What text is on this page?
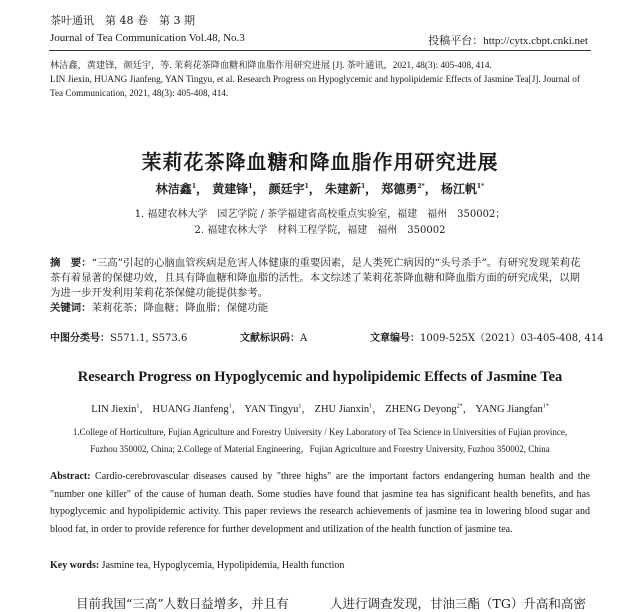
茶叶通讯　第 48 卷　第 3 期
Journal of Tea Communication Vol.48, No.3	投稿平台：http://cytx.cbpt.cnki.net
林洁鑫，黄建锋，颜廷宇，等. 茉莉花茶降血糖和降血脂作用研究进展 [J]. 茶叶通讯，2021, 48(3): 405-408, 414.
LIN Jiexin, HUANG Jianfeng, YAN Tingyu, et al. Research Progress on Hypoglycemic and hypolipidemic Effects of Jasmine Tea[J]. Journal of Tea Communication, 2021, 48(3): 405-408, 414.
茉莉花茶降血糖和降血脂作用研究进展
林洁鑫$^1$， 黄建锋$^1$， 颜廷宇$^1$， 朱建新$^1$， 郑德勇$^{2*}$， 杨江帆$^{1*}$
1. 福建农林大学　园艺学院 / 茶学福建省高校重点实验室，福建　福州　350002；
2. 福建农林大学　材料工程学院，福建　福州　350002
摘　要：“三高”引起的心脑血管疾病是危害人体健康的重要因素，是人类死亡病因的“头号杀手”。有研究发现茉莉花茶有着显著的保健功效，且具有降血糖和降血脂的活性。本文综述了茉莉花茶降血糖和降血脂方面的研究成果，以期为进一步开发利用茉莉花茶保健功能提供参考。
关键词：茉莉花茶；降血糖；降血脂；保健功能
中图分类号：S571.1, S573.6	文献标识码：A	文章编号：1009-525X（2021）03-405-408, 414
Research Progress on Hypoglycemic and hypolipidemic Effects of Jasmine Tea
LIN Jiexin$^1$， HUANG Jianfeng$^1$， YAN Tingyu$^1$， ZHU Jianxin$^1$， ZHENG Deyong$^{2*}$， YANG Jiangfan$^{1*}$
1.College of Horticulture, Fujian Agriculture and Forestry University / Key Laboratory of Tea Science in Universities of Fujian province, Fuzhou 350002, China; 2.College of Material Engineering，Fujian Agriculture and Forestry University, Fuzhou 350002, China
Abstract: Cardio-cerebrovascular diseases caused by "three highs" are the important factors endangering human health and the "number one killer" of the cause of human death. Some studies have found that jasmine tea has significant health benefits, and has hypoglycemic and hypolipidemic activity. This paper reviews the research achievements of jasmine tea in lowering blood sugar and blood fat, in order to provide reference for further development and utilization of the health function of jasmine tea.
Key words: Jasmine tea, Hypoglycemia, Hypolipidemia, Health function
目前我国“三高”人数日益增多，并且有	人进行调查发现，甘油三酯（TG）升高和高密
